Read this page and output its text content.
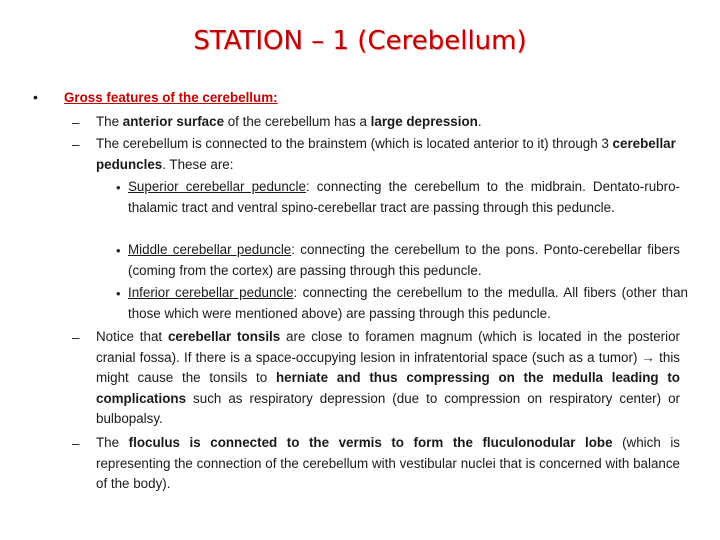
STATION – 1 (Cerebellum)
• Gross features of the cerebellum:
– The anterior surface of the cerebellum has a large depression.
– The cerebellum is connected to the brainstem (which is located anterior to it) through 3 cerebellar peduncles. These are:
• Superior cerebellar peduncle: connecting the cerebellum to the midbrain. Dentato-rubro-thalamic tract and ventral spino-cerebellar tract are passing through this peduncle.
• Middle cerebellar peduncle: connecting the cerebellum to the pons. Ponto-cerebellar fibers (coming from the cortex) are passing through this peduncle.
• Inferior cerebellar peduncle: connecting the cerebellum to the medulla. All fibers (other than those which were mentioned above) are passing through this peduncle.
– Notice that cerebellar tonsils are close to foramen magnum (which is located in the posterior cranial fossa). If there is a space-occupying lesion in infratentorial space (such as a tumor) → this might cause the tonsils to herniate and thus compressing on the medulla leading to complications such as respiratory depression (due to compression on respiratory center) or bulbopalsy.
– The floculus is connected to the vermis to form the fluculonodular lobe (which is representing the connection of the cerebellum with vestibular nuclei that is concerned with balance of the body).
